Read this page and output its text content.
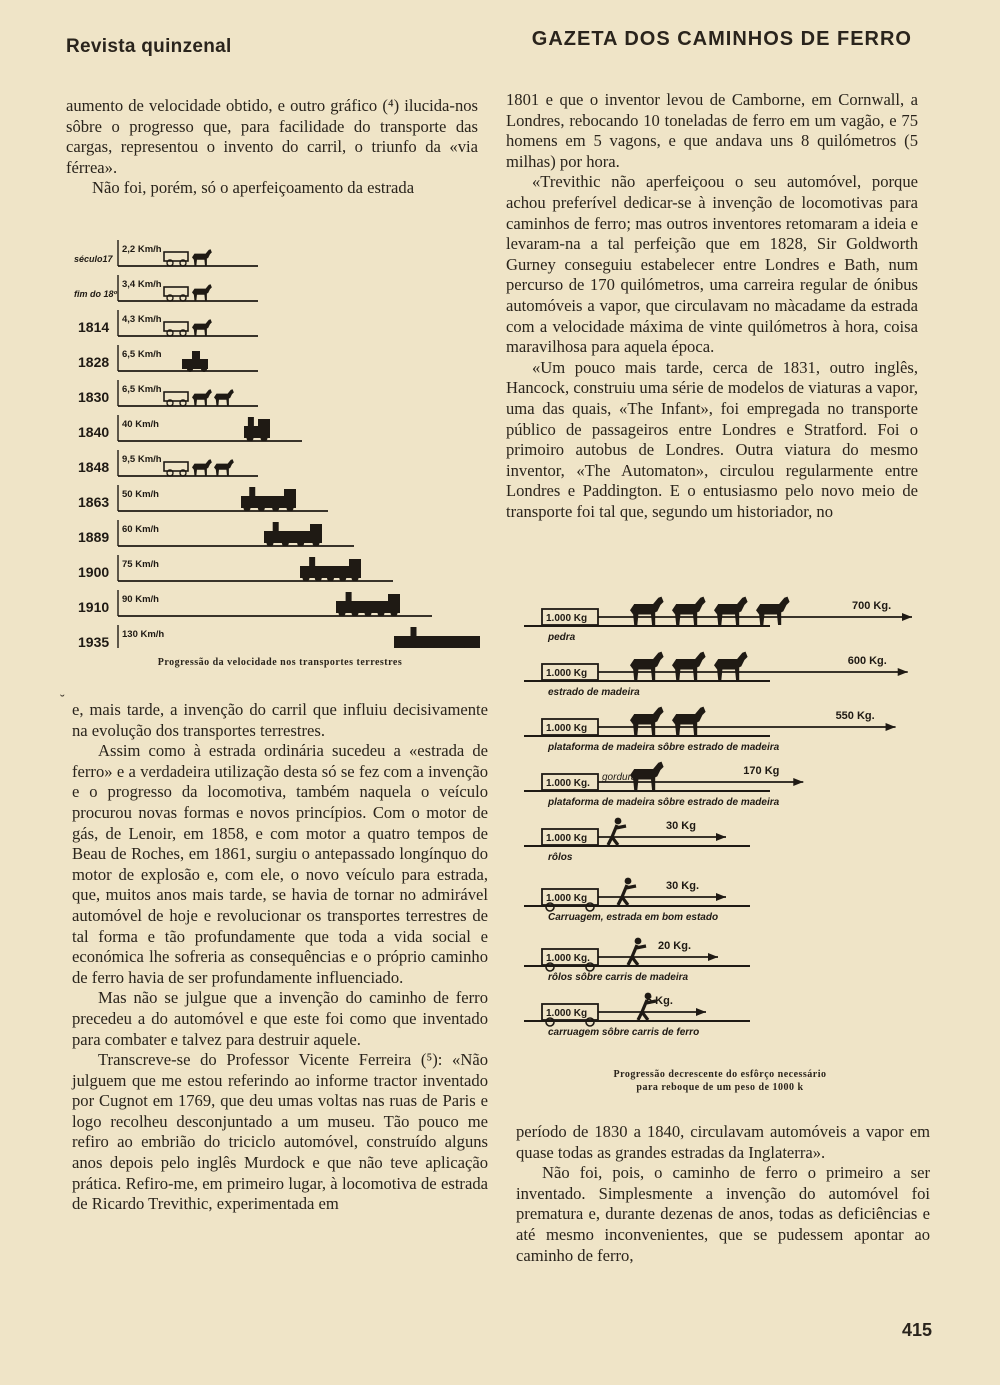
Revista quinzenal	GAZETA DOS CAMINHOS DE FERRO

aumento de velocidade obtido, e outro gráfico (⁴) ilucida-nos sôbre o progresso que, para facilidade do transporte das cargas, representou o invento do carril, o triunfo da «via férrea».

Não foi, porém, só o aperfeiçoamento da estrada

século17
2,2 Km/h
fim do 18º
3,4 Km/h
1814 4,3 Km/h
1828 6,5 Km/h
1830 6,5 Km/h
1840 40 Km/h
1848 9,5 Km/h
1863 50 Km/h
1889 60 Km/h
1900 75 Km/h
1910 90 Km/h
1935 130 Km/h
Progressão da velocidade nos transportes terrestres
˘ e, mais tarde, a invenção do carril que influiu decisivamente na evolução dos transportes terrestres.

Assim como à estrada ordinária sucedeu a «estrada de ferro» e a verdadeira utilização desta só se fez com a invenção e o progresso da locomotiva, também naquela o veículo procurou novas formas e novos princípios. Com o motor de gás, de Lenoir, em 1858, e com motor a quatro tempos de Beau de Roches, em 1861, surgiu o antepassado longínquo do motor de explosão e, com ele, o novo veículo para estrada, que, muitos anos mais tarde, se havia de tornar no admirável automóvel de hoje e revolucionar os transportes terrestres de tal forma e tão profundamente que toda a vida social e económica lhe sofreria as consequências e o próprio caminho de ferro havia de ser profundamente influenciado.

Mas não se julgue que a invenção do caminho de ferro precedeu a do automóvel e que este foi como que inventado para combater e talvez para destruir aquele.

Transcreve-se do Professor Vicente Ferreira (⁵): «Não julguem que me estou referindo ao informe tractor inventado por Cugnot em 1769, que deu umas voltas nas ruas de Paris e logo recolheu desconjuntado a um museu. Tão pouco me refiro ao embrião do triciclo automóvel, construído alguns anos depois pelo inglês Murdock e que não teve aplicação prática. Refiro-me, em primeiro lugar, à locomotiva de estrada de Ricardo Trevithic, experimentada em

1801 e que o inventor levou de Camborne, em Cornwall, a Londres, rebocando 10 toneladas de ferro em um vagão, e 75 homens em 5 vagons, e que andava uns 8 quilómetros (5 milhas) por hora.

«Trevithic não aperfeiçoou o seu automóvel, porque achou preferível dedicar-se à invenção de locomotivas para caminhos de ferro; mas outros inventores retomaram a ideia e levaram-na a tal perfeição que em 1828, Sir Goldworth Gurney conseguiu estabelecer entre Londres e Bath, num percurso de 170 quilómetros, uma carreira regular de ónibus automóveis a vapor, que circulavam no màcadame da estrada com a velocidade máxima de vinte quilómetros à hora, coisa maravilhosa para aquela época.

«Um pouco mais tarde, cerca de 1831, outro inglês, Hancock, construiu uma série de modelos de viaturas a vapor, uma das quais, «The Infant», foi empregada no transporte público de passageiros entre Londres e Stratford. Foi o primoiro autobus de Londres. Outra viatura do mesmo inventor, «The Automaton», circulou regularmente entre Londres e Paddington. E o entusiasmo pelo novo meio de transporte foi tal que, segundo um historiador, no

1.000 Kg
700 Kg.
pedra
1.000 Kg
600 Kg.
estrado de madeira
1.000 Kg
550 Kg.
plataforma de madeira sôbre estrado de madeira
1.000 Kg.
170 Kg
gordura
plataforma de madeira sôbre estrado de madeira
1.000 Kg
30 Kg
rôlos
1.000 Kg
30 Kg.
Carruagem, estrada em bom estado
1.000 Kg.
20 Kg.
rôlos sôbre carris de madeira
1.000 Kg
5 Kg.
carruagem sôbre carris de ferro
Progressão decrescente do esfôrço necessário
para reboque de um peso de 1000 k

período de 1830 a 1840, circulavam automóveis a vapor em quase todas as grandes estradas da Inglaterra».

Não foi, pois, o caminho de ferro o primeiro a ser inventado. Simplesmente a invenção do automóvel foi prematura e, durante dezenas de anos, todas as deficiências e até mesmo inconvenientes, que se pudessem apontar ao caminho de ferro,

415
